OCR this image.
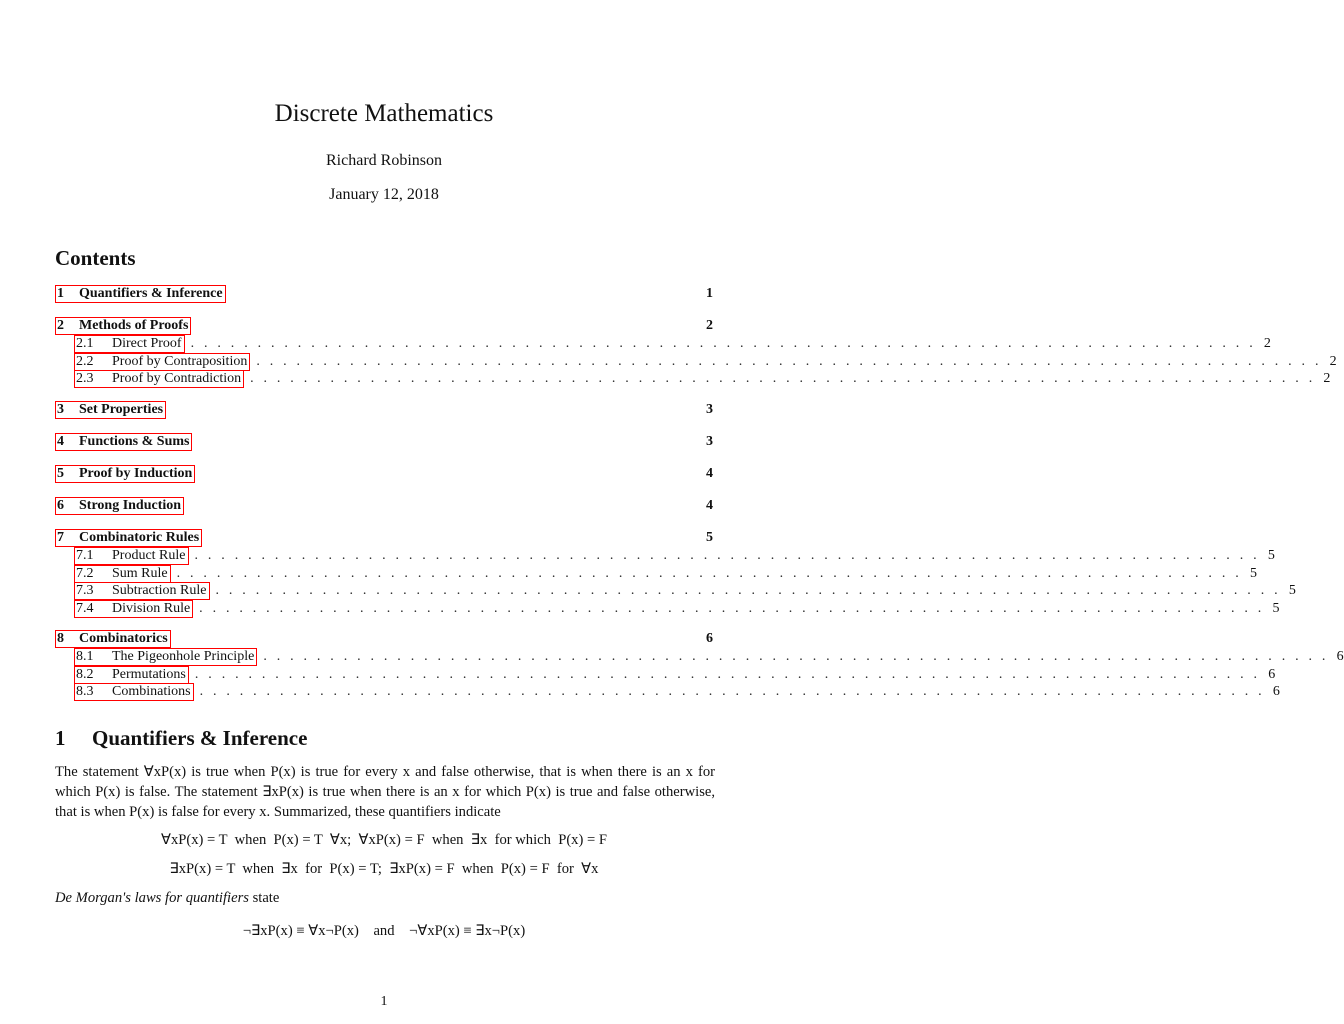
Discrete Mathematics
Richard Robinson
January 12, 2018
Contents
1	Quantifiers & Inference	1
2	Methods of Proofs	2
2.1	Direct Proof . . . . . . . . . . . . . . . . . . . . . . . . . . . . . . . . . . . . . . . . . . . . . . . . . . . . . . . . . . . . . . . . . . . . . . . . . . . . . . . . 2
2.2	Proof by Contraposition . . . . . . . . . . . . . . . . . . . . . . . . . . . . . . . . . . . . . . . . . . . . . . . . . . . . . . . . . . . . . . . . . . . . . . . . . . . . . . . . 2
2.3	Proof by Contradiction . . . . . . . . . . . . . . . . . . . . . . . . . . . . . . . . . . . . . . . . . . . . . . . . . . . . . . . . . . . . . . . . . . . . . . . . . . . . . . . . 2
3	Set Properties	3
4	Functions & Sums	3
5	Proof by Induction	4
6	Strong Induction	4
7	Combinatoric Rules	5
7.1	Product Rule . . . . . . . . . . . . . . . . . . . . . . . . . . . . . . . . . . . . . . . . . . . . . . . . . . . . . . . . . . . . . . . . . . . . . . . . . . . . . . . . 5
7.2	Sum Rule . . . . . . . . . . . . . . . . . . . . . . . . . . . . . . . . . . . . . . . . . . . . . . . . . . . . . . . . . . . . . . . . . . . . . . . . . . . . . . . . 5
7.3	Subtraction Rule . . . . . . . . . . . . . . . . . . . . . . . . . . . . . . . . . . . . . . . . . . . . . . . . . . . . . . . . . . . . . . . . . . . . . . . . . . . . . . . . 5
7.4	Division Rule . . . . . . . . . . . . . . . . . . . . . . . . . . . . . . . . . . . . . . . . . . . . . . . . . . . . . . . . . . . . . . . . . . . . . . . . . . . . . . . . 5
8	Combinatorics	6
8.1	The Pigeonhole Principle . . . . . . . . . . . . . . . . . . . . . . . . . . . . . . . . . . . . . . . . . . . . . . . . . . . . . . . . . . . . . . . . . . . . . . . . . . . . . . . . 6
8.2	Permutations . . . . . . . . . . . . . . . . . . . . . . . . . . . . . . . . . . . . . . . . . . . . . . . . . . . . . . . . . . . . . . . . . . . . . . . . . . . . . . . . 6
8.3	Combinations . . . . . . . . . . . . . . . . . . . . . . . . . . . . . . . . . . . . . . . . . . . . . . . . . . . . . . . . . . . . . . . . . . . . . . . . . . . . . . . . 6
1 Quantifiers & Inference
The statement ∀xP(x) is true when P(x) is true for every x and false otherwise, that is when there is an x for which P(x) is false. The statement ∃xP(x) is true when there is an x for which P(x) is true and false otherwise, that is when P(x) is false for every x. Summarized, these quantifiers indicate
∀xP(x) = T  when  P(x) = T  ∀x;  ∀xP(x) = F  when  ∃x  for which  P(x) = F
∃xP(x) = T  when  ∃x  for  P(x) = T;  ∃xP(x) = F  when  P(x) = F  for  ∀x
De Morgan's laws for quantifiers state
¬∃xP(x) ≡ ∀x¬P(x)    and    ¬∀xP(x) ≡ ∃x¬P(x)
1
